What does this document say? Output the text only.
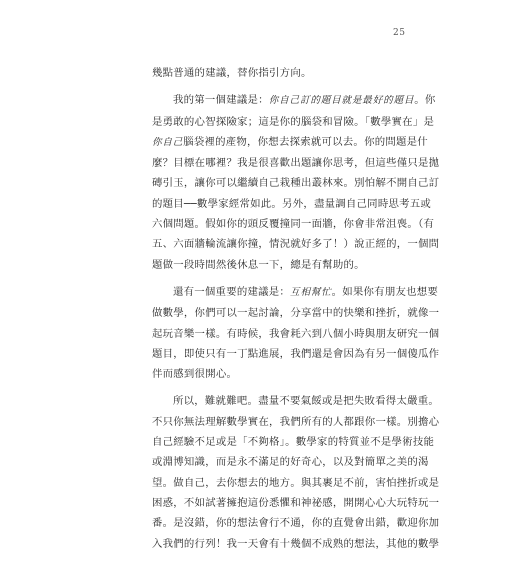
25

幾點普通的建議，替你指引方向。

我的第一個建議是：你自己訂的題目就是最好的題目。你
是勇敢的心智探險家；這是你的腦袋和冒險。「數學實在」是
你自己腦袋裡的產物，你想去探索就可以去。你的問題是什
麼？目標在哪裡？我是很喜歡出題讓你思考，但這些僅只是拋
磚引玉，讓你可以繼續自己栽種出叢林來。別怕解不開自己訂
的題目──數學家經常如此。另外，盡量調自己同時思考五或
六個問題。假如你的頭反覆撞同一面牆，你會非常沮喪。（有
五、六面牆輪流讓你撞，情況就好多了！）說正經的，一個問
題做一段時間然後休息一下，總是有幫助的。

還有一個重要的建議是：互相幫忙。如果你有朋友也想要
做數學，你們可以一起討論，分享當中的快樂和挫折，就像一
起玩音樂一樣。有時候，我會耗六到八個小時與朋友研究一個
題目，即使只有一丁點進展，我們還是會因為有另一個傻瓜作
伴而感到很開心。

所以，難就難吧。盡量不要氣餒或是把失敗看得太嚴重。
不只你無法理解數學實在，我們所有的人都跟你一樣。別擔心
自己經驗不足或是「不夠格」。數學家的特質並不是學術技能
或淵博知識，而是永不滿足的好奇心，以及對簡單之美的渴
望。做自己，去你想去的地方。與其裹足不前，害怕挫折或是
困惑，不如試著擁抱這份悉懼和神祕感，開開心心大玩特玩一
番。是沒錯，你的想法會行不通，你的直覺會出錯，歡迎你加
入我們的行列！我一天會有十幾個不成熟的想法，其他的數學
